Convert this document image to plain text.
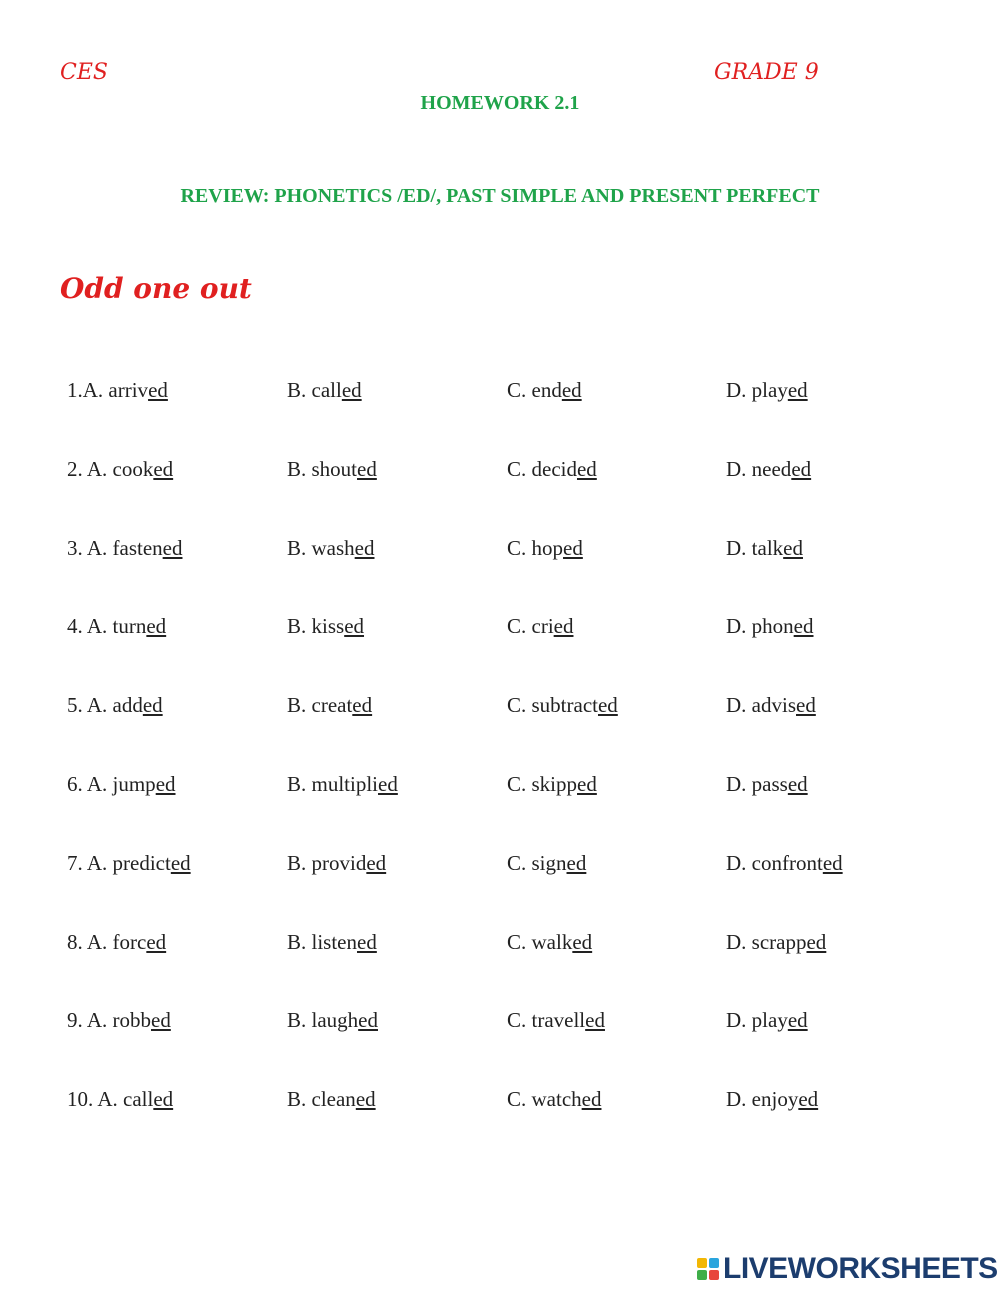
CES	GRADE 9
HOMEWORK 2.1
REVIEW: PHONETICS /ED/, PAST SIMPLE AND PRESENT PERFECT
Odd one out
1.A. arrived	B. called	C. ended	D. played
2. A. cooked	B. shouted	C. decided	D. needed
3. A. fastened	B. washed	C. hoped	D. talked
4. A. turned	B. kissed	C. cried	D. phoned
5. A. added	B. created	C. subtracted	D. advised
6. A. jumped	B. multiplied	C. skipped	D. passed
7. A. predicted	B. provided	C. signed	D. confronted
8. A. forced	B. listened	C. walked	D. scrapped
9. A. robbed	B. laughed	C. travelled	D. played
10. A. called	B. cleaned	C. watched	D. enjoyed
LIVEWORKSHEETS
